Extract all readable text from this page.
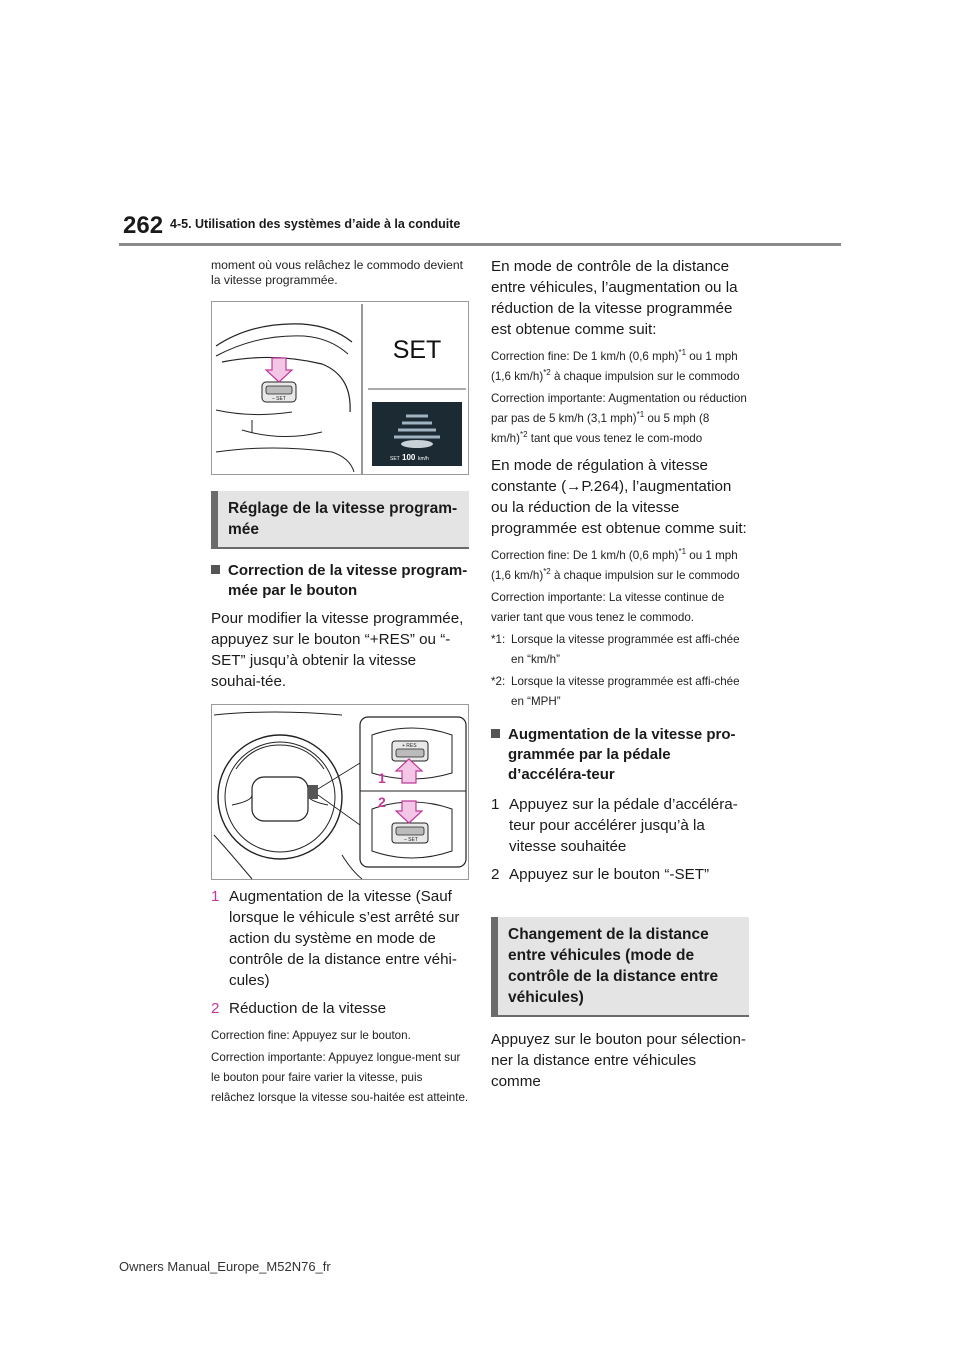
262 4-5. Utilisation des systèmes d’aide à la conduite
moment où vous relâchez le commodo devient la vitesse programmée.
– SET
SET
SET 100 km/h
Réglage de la vitesse program-mée
Correction de la vitesse program-mée par le bouton
Pour modifier la vitesse programmée, appuyez sur le bouton “+RES” ou “-SET” jusqu’à obtenir la vitesse souhai-tée.
+ RES
– SET
1
2
1 Augmentation de la vitesse (Sauf lorsque le véhicule s’est arrêté sur action du système en mode de contrôle de la distance entre véhi-cules)
2 Réduction de la vitesse
Correction fine: Appuyez sur le bouton.
Correction importante: Appuyez longue-ment sur le bouton pour faire varier la vitesse, puis relâchez lorsque la vitesse sou-haitée est atteinte.
En mode de contrôle de la distance entre véhicules, l’augmentation ou la réduction de la vitesse programmée est obtenue comme suit:
Correction fine: De 1 km/h (0,6 mph)$^{*1}$ ou 1 mph (1,6 km/h)$^{*2}$ à chaque impulsion sur le commodo
Correction importante: Augmentation ou réduction par pas de 5 km/h (3,1 mph)$^{*1}$ ou 5 mph (8 km/h)$^{*2}$ tant que vous tenez le com-modo
En mode de régulation à vitesse constante (→P.264), l’augmentation ou la réduction de la vitesse programmée est obtenue comme suit:
Correction fine: De 1 km/h (0,6 mph)$^{*1}$ ou 1 mph (1,6 km/h)$^{*2}$ à chaque impulsion sur le commodo
Correction importante: La vitesse continue de varier tant que vous tenez le commodo.
*1: Lorsque la vitesse programmée est affi-chée en “km/h”
*2: Lorsque la vitesse programmée est affi-chée en “MPH”
Augmentation de la vitesse pro-grammée par la pédale d’accéléra-teur
1 Appuyez sur la pédale d’accéléra-teur pour accélérer jusqu’à la vitesse souhaitée
2 Appuyez sur le bouton “-SET”
Changement de la distance entre véhicules (mode de contrôle de la distance entre véhicules)
Appuyez sur le bouton pour sélection-ner la distance entre véhicules comme
Owners Manual_Europe_M52N76_fr
